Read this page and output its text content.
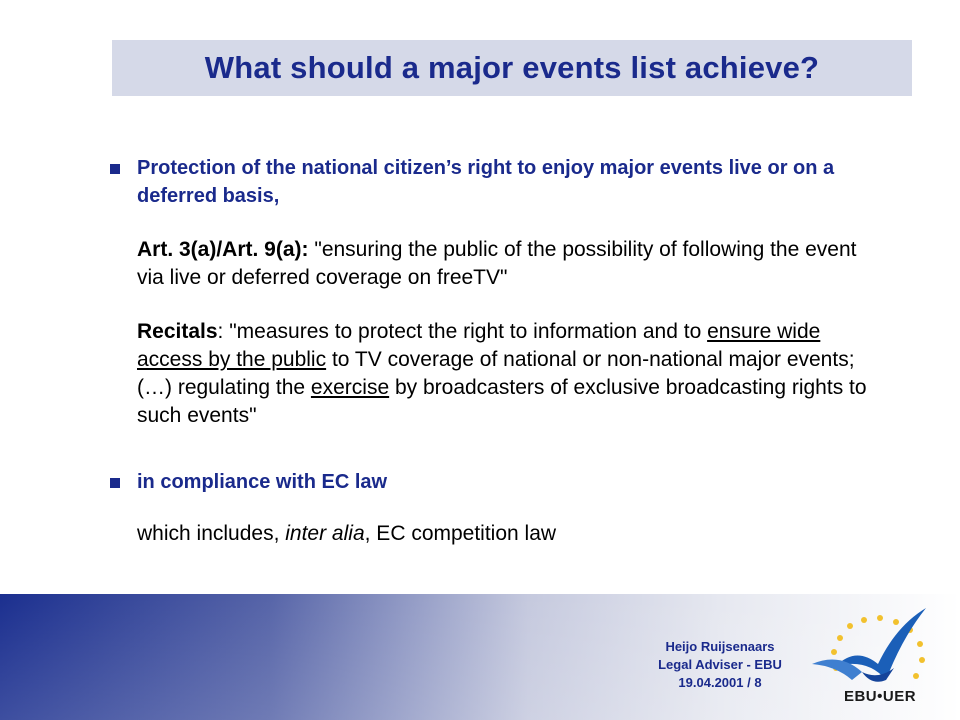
What should a major events list achieve?
Protection of the national citizen’s right to enjoy major events live or on a deferred basis,
Art. 3(a)/Art. 9(a): "ensuring the public of the possibility of following the event via live or deferred coverage on freeTV"
Recitals: "measures to protect the right to information and to ensure wide access by the public to TV coverage of national or non-national major events; (…) regulating the exercise by broadcasters of exclusive broadcasting rights to such events"
in compliance with EC law
which includes, inter alia, EC competition law
Heijo Ruijsenaars
Legal Adviser - EBU
19.04.2001 / 8
EBU•UER
